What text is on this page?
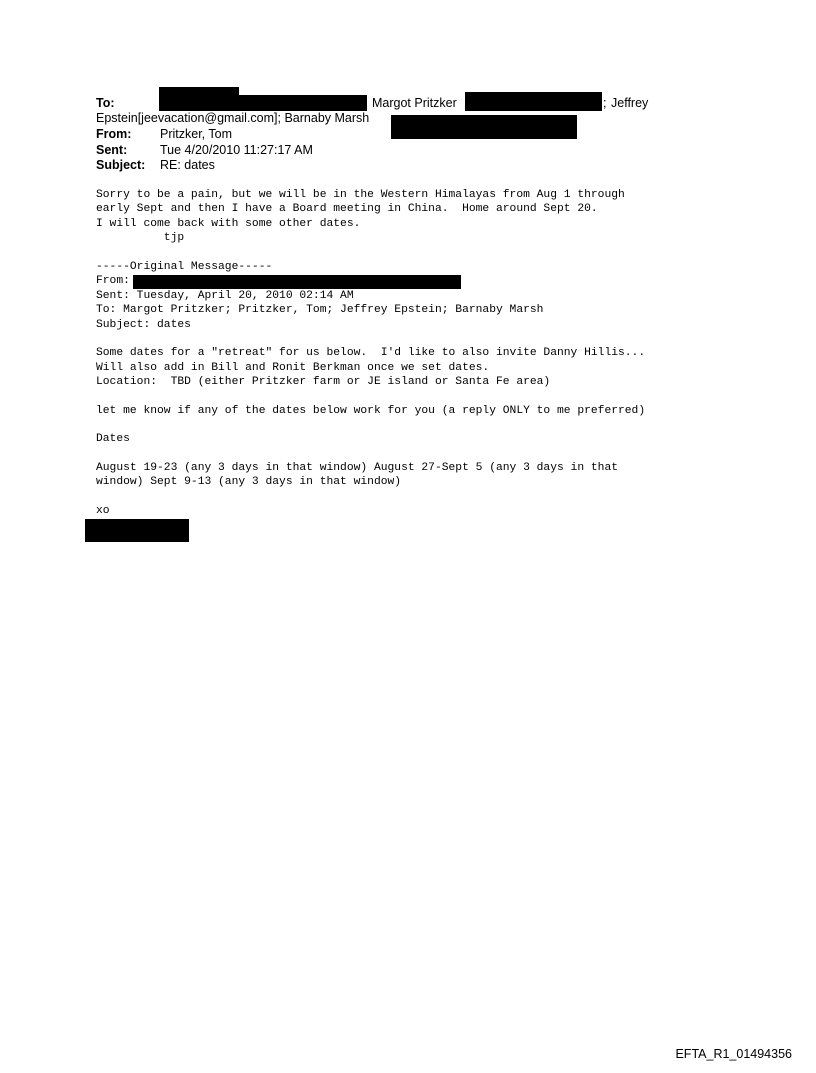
To:	Margot Pritzker	; Jeffrey
Epstein[jeevacation@gmail.com]; Barnaby Marsh
From: Pritzker, Tom
Sent:	Tue 4/20/2010 11:27:17 AM
Subject: RE: dates
Sorry to be a pain, but we will be in the Western Himalayas from Aug 1 through
early Sept and then I have a Board meeting in China.  Home around Sept 20.
I will come back with some other dates.
tjp
-----Original Message-----
From:
Sent: Tuesday, April 20, 2010 02:14 AM
To: Margot Pritzker; Pritzker, Tom; Jeffrey Epstein; Barnaby Marsh
Subject: dates
Some dates for a "retreat" for us below.  I'd like to also invite Danny Hillis...
Will also add in Bill and Ronit Berkman once we set dates.
Location:  TBD (either Pritzker farm or JE island or Santa Fe area)
let me know if any of the dates below work for you (a reply ONLY to me preferred)
Dates
August 19-23 (any 3 days in that window) August 27-Sept 5 (any 3 days in that
window) Sept 9-13 (any 3 days in that window)
xo
EFTA_R1_01494356
